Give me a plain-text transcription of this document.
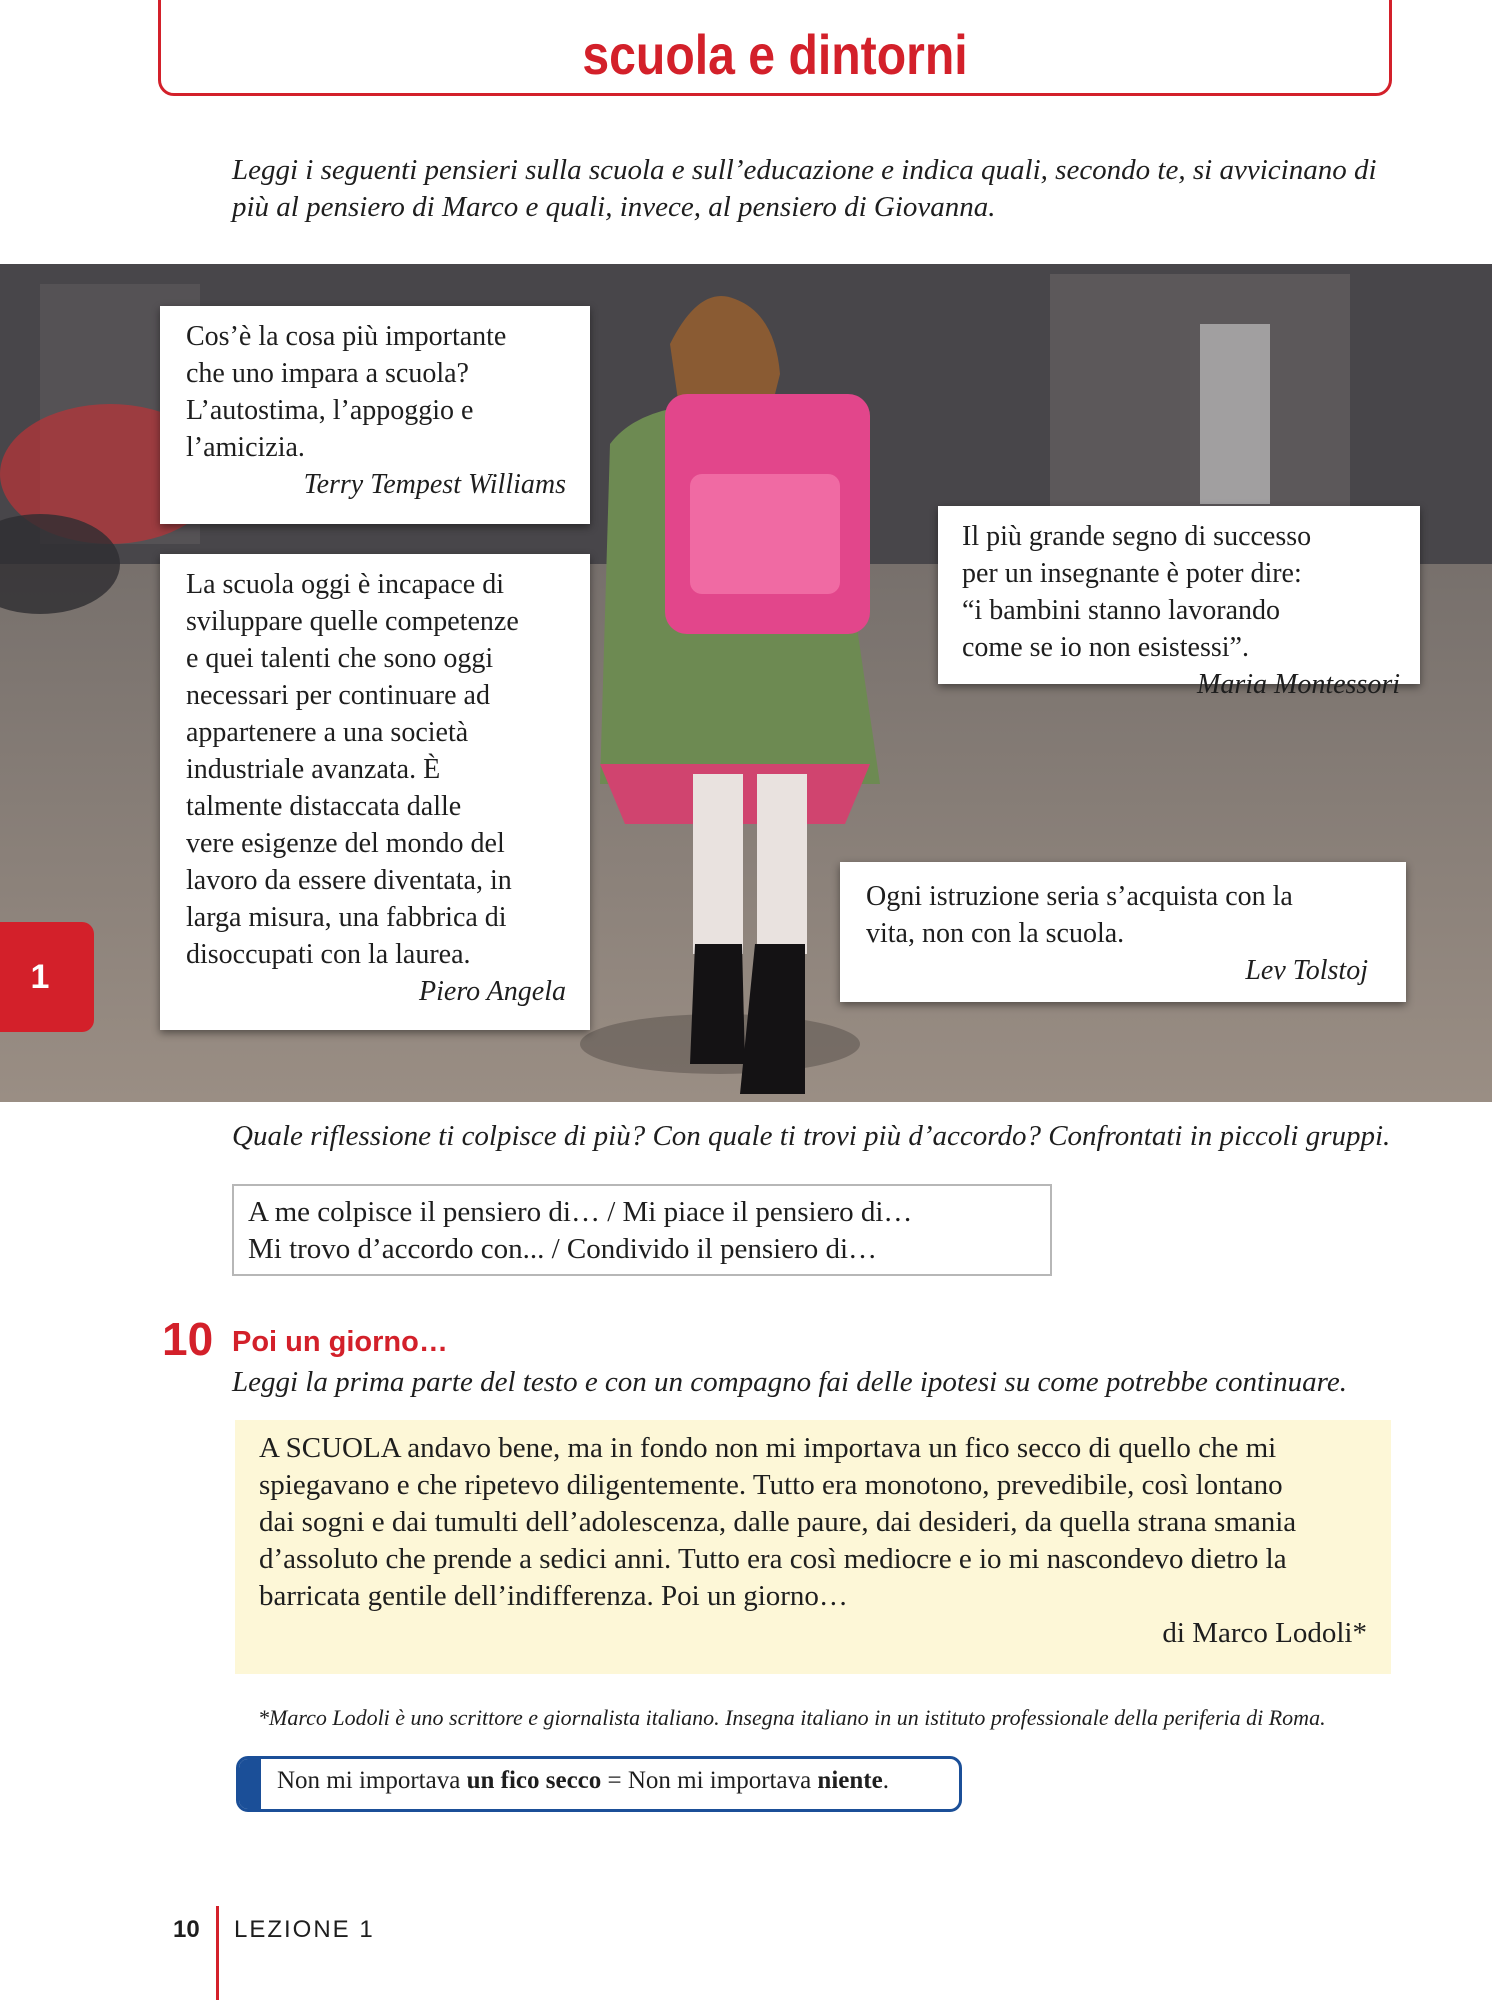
scuola e dintorni
Leggi i seguenti pensieri sulla scuola e sull’educazione e indica quali, secondo te, si avvicinano di più al pensiero di Marco e quali, invece, al pensiero di Giovanna.
Cos’è la cosa più importante
che uno impara a scuola?
L’autostima, l’appoggio e
l’amicizia.
Terry Tempest Williams
La scuola oggi è incapace di
sviluppare quelle competenze
e quei talenti che sono oggi
necessari per continuare ad
appartenere a una società
industriale avanzata. È
talmente distaccata dalle
vere esigenze del mondo del
lavoro da essere diventata, in
larga misura, una fabbrica di
disoccupati con la laurea.
Piero Angela
Il più grande segno di successo
per un insegnante è poter dire:
“i bambini stanno lavorando
come se io non esistessi”.
Maria Montessori
Ogni istruzione seria s’acquista con la
vita, non con la scuola.
Lev Tolstoj
1
Quale riflessione ti colpisce di più? Con quale ti trovi più d’accordo? Confrontati in piccoli gruppi.
A me colpisce il pensiero di… / Mi piace il pensiero di…
Mi trovo d’accordo con... / Condivido il pensiero di…
10 Poi un giorno…
Leggi la prima parte del testo e con un compagno fai delle ipotesi su come potrebbe continuare.
A SCUOLA andavo bene, ma in fondo non mi importava un fico secco di quello che mi
spiegavano e che ripetevo diligentemente. Tutto era monotono, prevedibile, così lontano
dai sogni e dai tumulti dell’adolescenza, dalle paure, dai desideri, da quella strana smania
d’assoluto che prende a sedici anni. Tutto era così mediocre e io mi nascondevo dietro la
barricata gentile dell’indifferenza. Poi un giorno…
di Marco Lodoli*
*Marco Lodoli è uno scrittore e giornalista italiano. Insegna italiano in un istituto professionale della periferia di Roma.
Non mi importava un fico secco = Non mi importava niente.
10 LEZIONE 1
